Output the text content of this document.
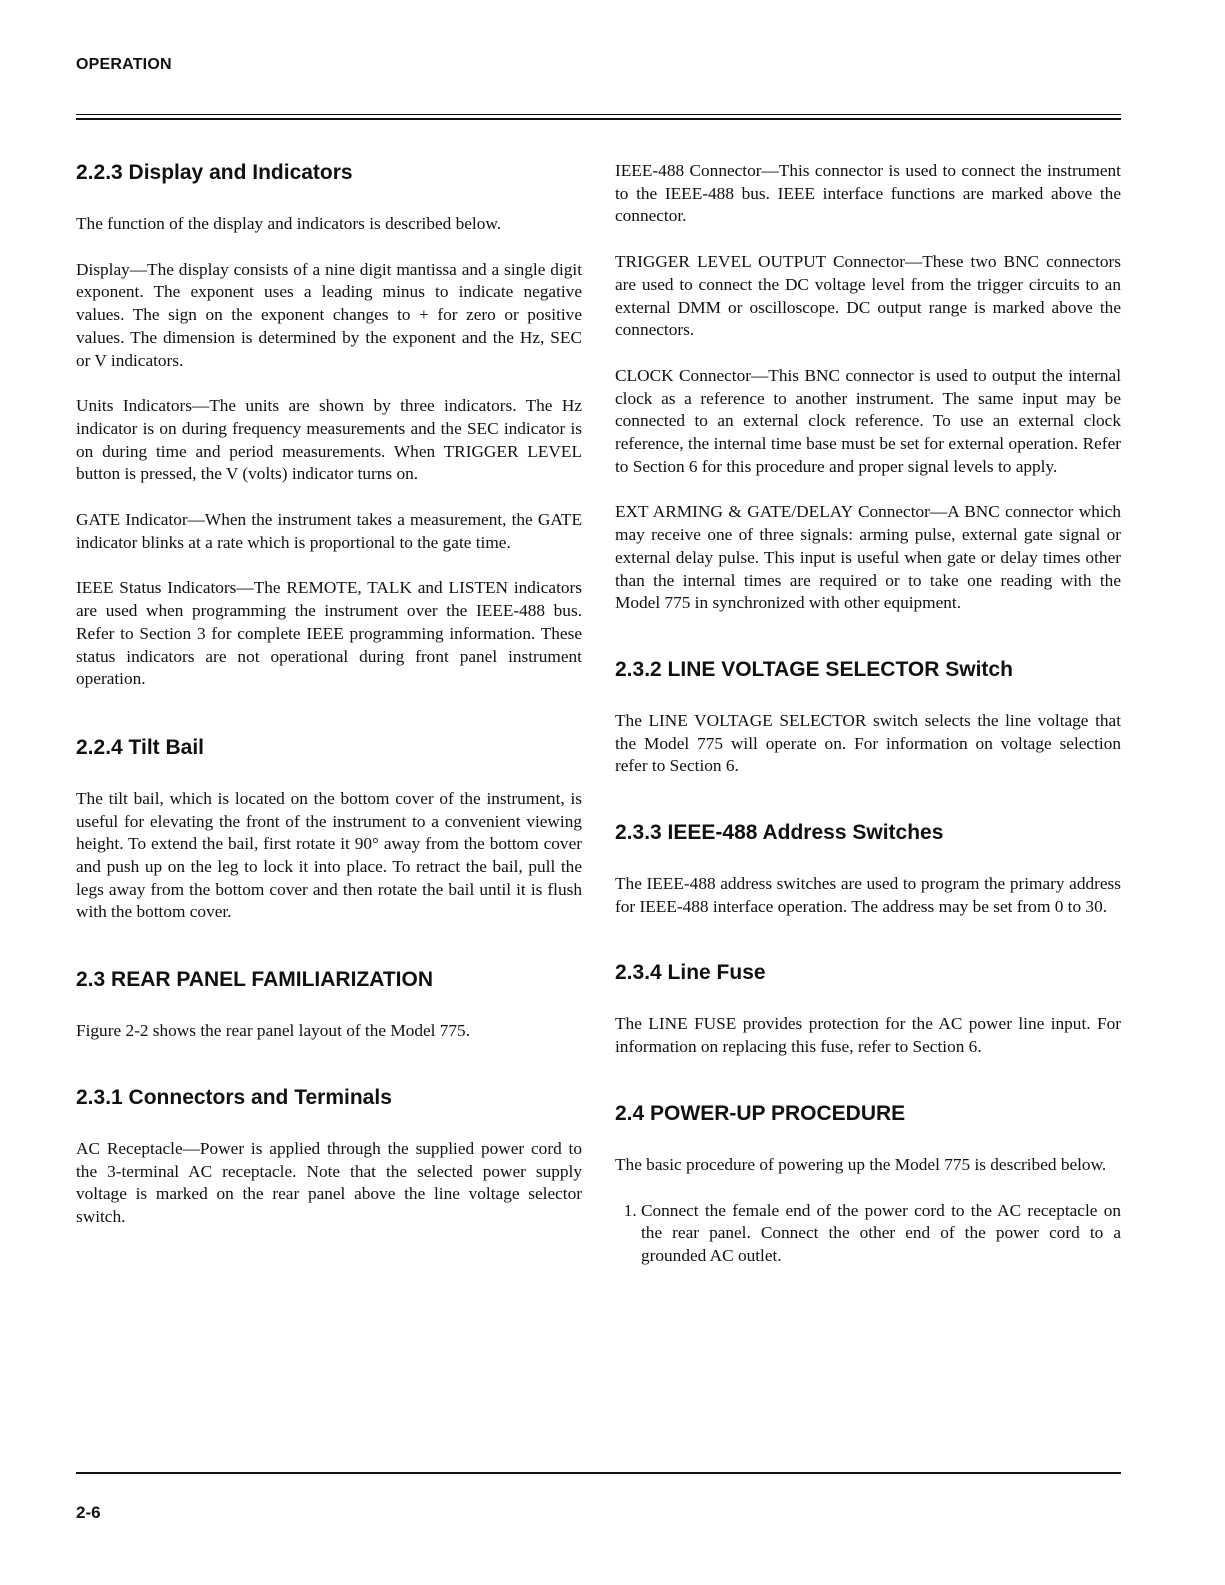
OPERATION
2.2.3 Display and Indicators

The function of the display and indicators is described below.

Display—The display consists of a nine digit mantissa and a single digit exponent. The exponent uses a leading minus to indicate negative values. The sign on the exponent changes to + for zero or positive values. The dimension is determined by the exponent and the Hz, SEC or V indicators.

Units Indicators—The units are shown by three indicators. The Hz indicator is on during frequency measurements and the SEC indicator is on during time and period measurements. When TRIGGER LEVEL button is pressed, the V (volts) indicator turns on.

GATE Indicator—When the instrument takes a measurement, the GATE indicator blinks at a rate which is proportional to the gate time.

IEEE Status Indicators—The REMOTE, TALK and LISTEN indicators are used when programming the instrument over the IEEE-488 bus. Refer to Section 3 for complete IEEE programming information. These status indicators are not operational during front panel instrument operation.

2.2.4 Tilt Bail

The tilt bail, which is located on the bottom cover of the instrument, is useful for elevating the front of the instrument to a convenient viewing height. To extend the bail, first rotate it 90° away from the bottom cover and push up on the leg to lock it into place. To retract the bail, pull the legs away from the bottom cover and then rotate the bail until it is flush with the bottom cover.

2.3 REAR PANEL FAMILIARIZATION

Figure 2-2 shows the rear panel layout of the Model 775.

2.3.1 Connectors and Terminals

AC Receptacle—Power is applied through the supplied power cord to the 3-terminal AC receptacle. Note that the selected power supply voltage is marked on the rear panel above the line voltage selector switch.

IEEE-488 Connector—This connector is used to connect the instrument to the IEEE-488 bus. IEEE interface functions are marked above the connector.

TRIGGER LEVEL OUTPUT Connector—These two BNC connectors are used to connect the DC voltage level from the trigger circuits to an external DMM or oscilloscope. DC output range is marked above the connectors.

CLOCK Connector—This BNC connector is used to output the internal clock as a reference to another instrument. The same input may be connected to an external clock reference. To use an external clock reference, the internal time base must be set for external operation. Refer to Section 6 for this procedure and proper signal levels to apply.

EXT ARMING & GATE/DELAY Connector—A BNC connector which may receive one of three signals: arming pulse, external gate signal or external delay pulse. This input is useful when gate or delay times other than the internal times are required or to take one reading with the Model 775 in synchronized with other equipment.

2.3.2 LINE VOLTAGE SELECTOR Switch

The LINE VOLTAGE SELECTOR switch selects the line voltage that the Model 775 will operate on. For information on voltage selection refer to Section 6.

2.3.3 IEEE-488 Address Switches

The IEEE-488 address switches are used to program the primary address for IEEE-488 interface operation. The address may be set from 0 to 30.

2.3.4 Line Fuse

The LINE FUSE provides protection for the AC power line input. For information on replacing this fuse, refer to Section 6.

2.4 POWER-UP PROCEDURE

The basic procedure of powering up the Model 775 is described below.

1. Connect the female end of the power cord to the AC receptacle on the rear panel. Connect the other end of the power cord to a grounded AC outlet.
2-6
